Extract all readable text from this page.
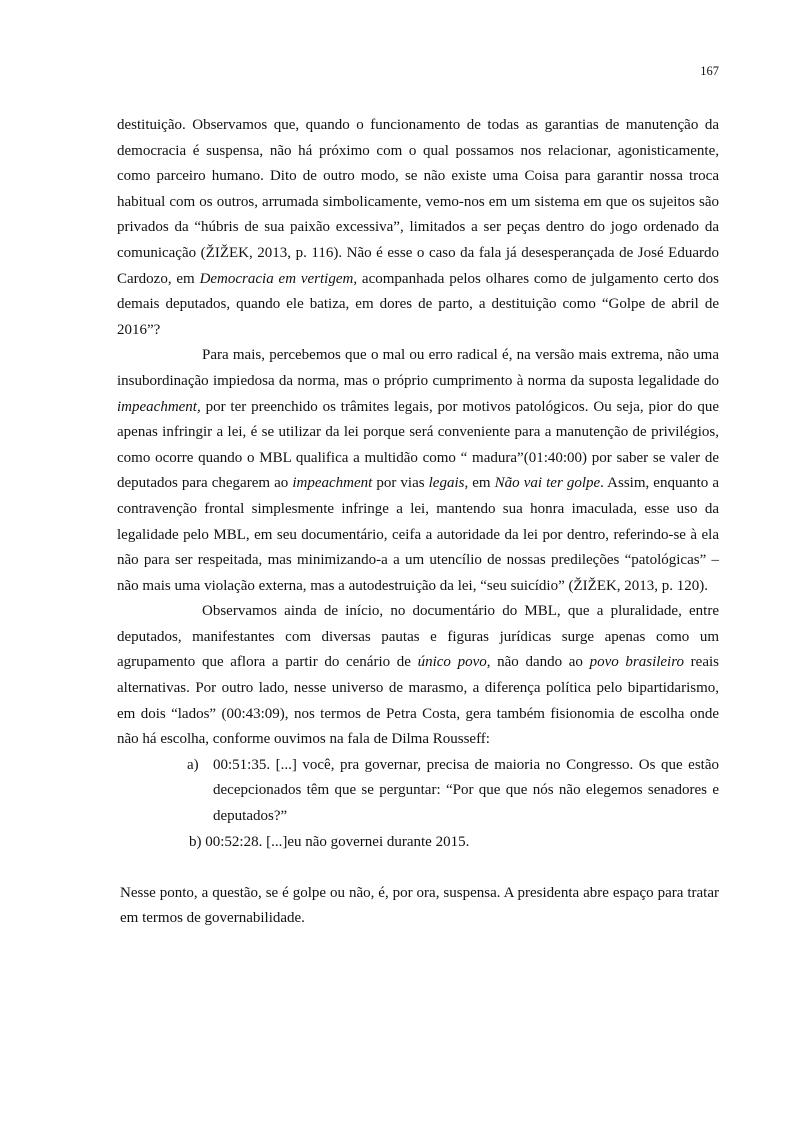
167

destituição. Observamos que, quando o funcionamento de todas as garantias de manutenção da democracia é suspensa, não há próximo com o qual possamos nos relacionar, agonisticamente, como parceiro humano. Dito de outro modo, se não existe uma Coisa para garantir nossa troca habitual com os outros, arrumada simbolicamente, vemo-nos em um sistema em que os sujeitos são privados da “húbris de sua paixão excessiva”, limitados a ser peças dentro do jogo ordenado da comunicação (ŽIŽEK, 2013, p. 116). Não é esse o caso da fala já desesperançada de José Eduardo Cardozo, em Democracia em vertigem, acompanhada pelos olhares como de julgamento certo dos demais deputados, quando ele batiza, em dores de parto, a destituição como “Golpe de abril de 2016”?

Para mais, percebemos que o mal ou erro radical é, na versão mais extrema, não uma insubordinação impiedosa da norma, mas o próprio cumprimento à norma da suposta legalidade do impeachment, por ter preenchido os trâmites legais, por motivos patológicos. Ou seja, pior do que apenas infringir a lei, é se utilizar da lei porque será conveniente para a manutenção de privilégios, como ocorre quando o MBL qualifica a multidão como “ madura”(01:40:00) por saber se valer de deputados para chegarem ao impeachment por vias legais, em Não vai ter golpe. Assim, enquanto a contravenção frontal simplesmente infringe a lei, mantendo sua honra imaculada, esse uso da legalidade pelo MBL, em seu documentário, ceifa a autoridade da lei por dentro, referindo-se à ela não para ser respeitada, mas minimizando-a a um utencílio de nossas predileções “patológicas” – não mais uma violação externa, mas a autodestruição da lei, “seu suicídio” (ŽIŽEK, 2013, p. 120).

Observamos ainda de início, no documentário do MBL, que a pluralidade, entre deputados, manifestantes com diversas pautas e figuras jurídicas surge apenas como um agrupamento que aflora a partir do cenário de único povo, não dando ao povo brasileiro reais alternativas. Por outro lado, nesse universo de marasmo, a diferença política pelo bipartidarismo, em dois “lados” (00:43:09), nos termos de Petra Costa, gera também fisionomia de escolha onde não há escolha, conforme ouvimos na fala de Dilma Rousseff:

a) 00:51:35. [...] você, pra governar, precisa de maioria no Congresso. Os que estão decepcionados têm que se perguntar: “Por que que nós não elegemos senadores e deputados?”

b) 00:52:28. [...]eu não governei durante 2015.

Nesse ponto, a questão, se é golpe ou não, é, por ora, suspensa. A presidenta abre espaço para tratar em termos de governabilidade.
